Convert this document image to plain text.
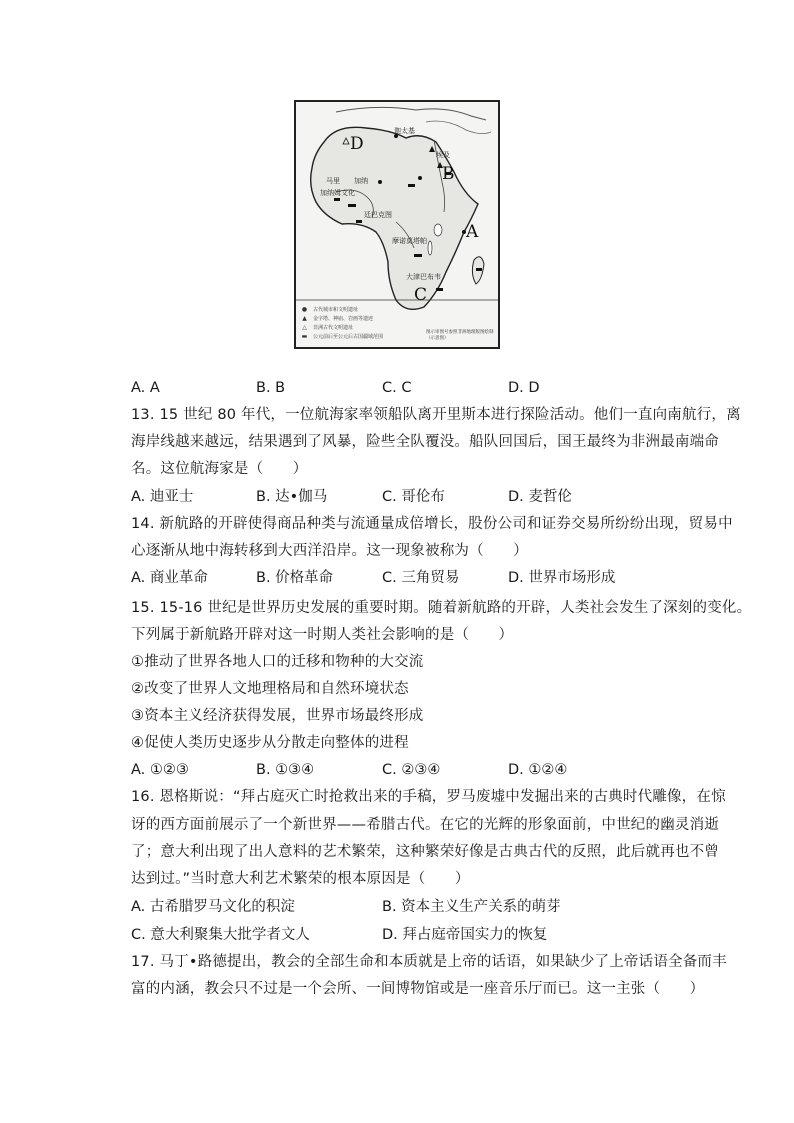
D
B
A
C
迦太基
埃及
马里 加纳
加纳姆文化
廷巴克图
摩诺莫塔帕
大津巴布韦
●	古代城市和文明遗址
▲	金字塔、神庙、岩画等遗迹
△	非洲古代文明遗址
▬	公元前后至公元后古国疆域范围
图示审图号参照非洲地理版图绘制（示意图）
A. A	B. B	C. C	D. D
13. 15 世纪 80 年代，一位航海家率领船队离开里斯本进行探险活动。他们一直向南航行，离
海岸线越来越远，结果遇到了风暴，险些全队覆没。船队回国后，国王最终为非洲最南端命
名。这位航海家是（　　）
A. 迪亚士	B. 达•伽马	C. 哥伦布	D. 麦哲伦
14. 新航路的开辟使得商品种类与流通量成倍增长，股份公司和证券交易所纷纷出现，贸易中
心逐渐从地中海转移到大西洋沿岸。这一现象被称为（　　）
A. 商业革命	B. 价格革命	C. 三角贸易	D. 世界市场形成
15. 15-16 世纪是世界历史发展的重要时期。随着新航路的开辟，人类社会发生了深刻的变化。
下列属于新航路开辟对这一时期人类社会影响的是（　　）
①推动了世界各地人口的迁移和物种的大交流
②改变了世界人文地理格局和自然环境状态
③资本主义经济获得发展，世界市场最终形成
④促使人类历史逐步从分散走向整体的进程
A. ①②③	B. ①③④	C. ②③④	D. ①②④
16. 恩格斯说：“拜占庭灭亡时抢救出来的手稿，罗马废墟中发掘出来的古典时代雕像，在惊
讶的西方面前展示了一个新世界——希腊古代。在它的光辉的形象面前，中世纪的幽灵消逝
了；意大利出现了出人意料的艺术繁荣，这种繁荣好像是古典古代的反照，此后就再也不曾
达到过。”当时意大利艺术繁荣的根本原因是（　　）
A. 古希腊罗马文化的积淀	B. 资本主义生产关系的萌芽
C. 意大利聚集大批学者文人	D. 拜占庭帝国实力的恢复
17. 马丁•路德提出，教会的全部生命和本质就是上帝的话语，如果缺少了上帝话语全备而丰
富的内涵，教会只不过是一个会所、一间博物馆或是一座音乐厅而已。这一主张（　　）
